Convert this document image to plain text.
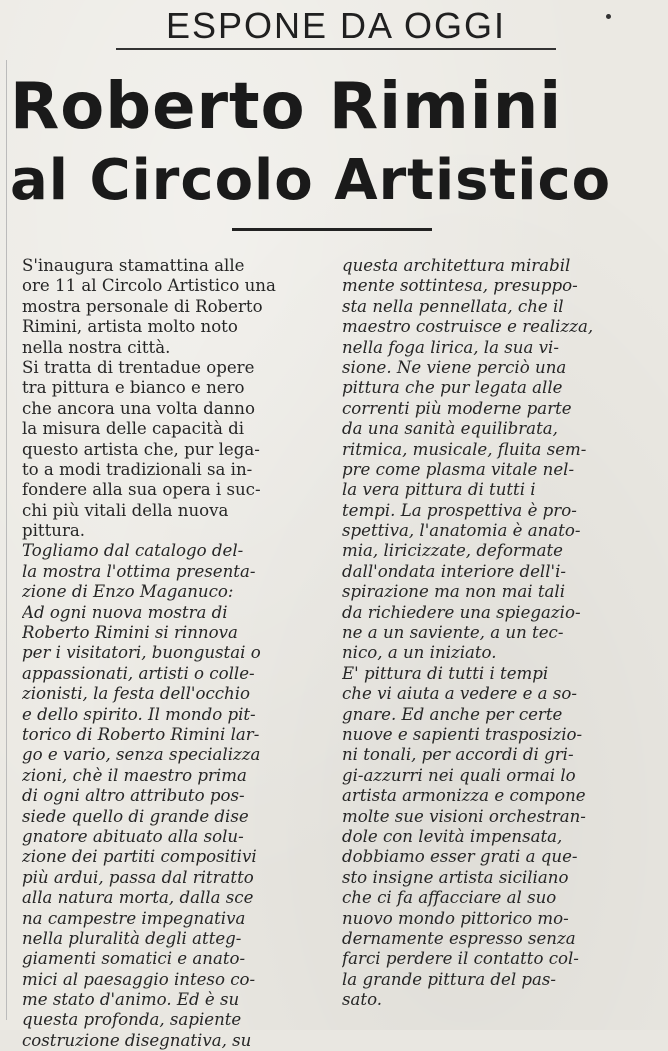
ESPONE DA OGGI
Roberto Rimini
al Circolo Artistico
S'inaugura stamattina alle
ore 11 al Circolo Artistico una
mostra personale di Roberto
Rimini, artista molto noto
nella nostra città.
Si tratta di trentadue opere
tra pittura e bianco e nero
che ancora una volta danno
la misura delle capacità di
questo artista che, pur lega-
to a modi tradizionali sa in-
fondere alla sua opera i suc-
chi più vitali della nuova
pittura.
Togliamo dal catalogo del-
la mostra l'ottima presenta-
zione di Enzo Maganuco:
Ad ogni nuova mostra di
Roberto Rimini si rinnova
per i visitatori, buongustai o
appassionati, artisti o colle-
zionisti, la festa dell'occhio
e dello spirito. Il mondo pit-
torico di Roberto Rimini lar-
go e vario, senza specializza
zioni, chè il maestro prima
di ogni altro attributo pos-
siede quello di grande dise
gnatore abituato alla solu-
zione dei partiti compositivi
più ardui, passa dal ritratto
alla natura morta, dalla sce
na campestre impegnativa
nella pluralità degli atteg-
giamenti somatici e anato-
mici al paesaggio inteso co-
me stato d'animo. Ed è su
questa profonda, sapiente
costruzione disegnativa, su
questa architettura mirabil
mente sottintesa, presuppo-
sta nella pennellata, che il
maestro costruisce e realizza,
nella foga lirica, la sua vi-
sione. Ne viene perciò una
pittura che pur legata alle
correnti più moderne parte
da una sanità equilibrata,
ritmica, musicale, fluita sem-
pre come plasma vitale nel-
la vera pittura di tutti i
tempi. La prospettiva è pro-
spettiva, l'anatomia è anato-
mia, liricizzate, deformate
dall'ondata interiore dell'i-
spirazione ma non mai tali
da richiedere una spiegazio-
ne a un saviente, a un tec-
nico, a un iniziato.
E' pittura di tutti i tempi
che vi aiuta a vedere e a so-
gnare. Ed anche per certe
nuove e sapienti trasposizio-
ni tonali, per accordi di gri-
gi-azzurri nei quali ormai lo
artista armonizza e compone
molte sue visioni orchestran-
dole con levità impensata,
dobbiamo esser grati a que-
sto insigne artista siciliano
che ci fa affacciare al suo
nuovo mondo pittorico mo-
dernamente espresso senza
farci perdere il contatto col-
la grande pittura del pas-
sato.
